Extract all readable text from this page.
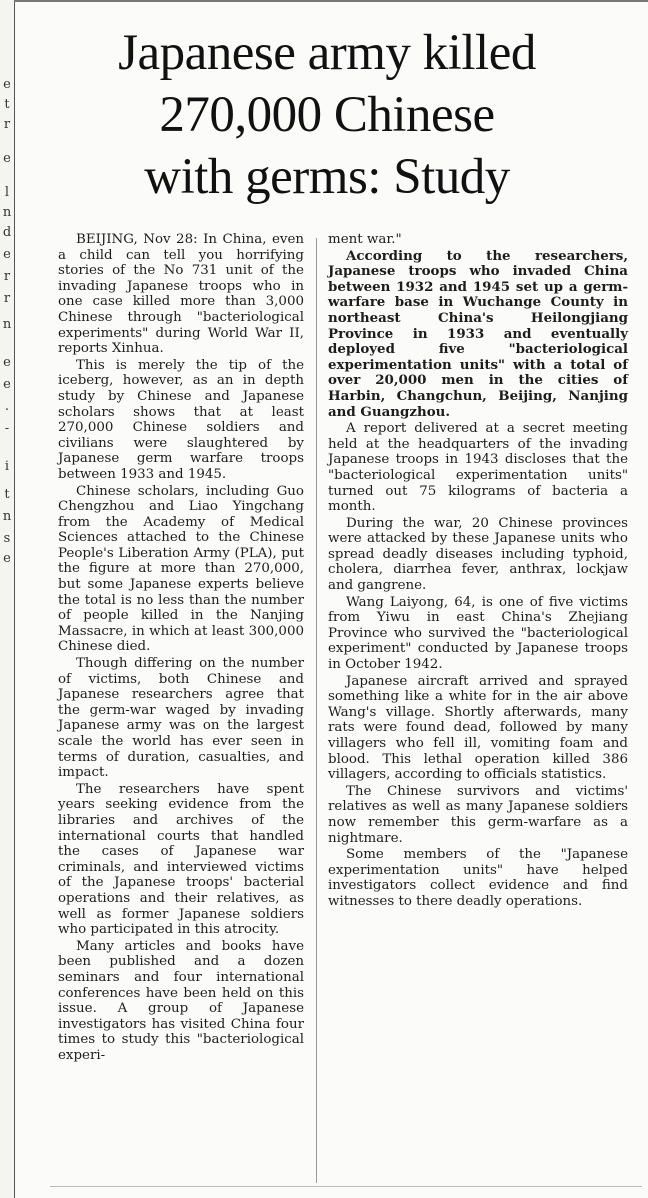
e
t
r
e
l
n
d
e
r
r
n
e
e
.
-
i
t
n
s
e
Japanese army killed
270,000 Chinese
with germs: Study

BEIJING, Nov 28: In China, even a child can tell you horrifying stories of the No 731 unit of the invading Japanese troops who in one case killed more than 3,000 Chinese through "bacteriological experiments" during World War II, reports Xinhua.

This is merely the tip of the iceberg, however, as an in depth study by Chinese and Japanese scholars shows that at least 270,000 Chinese soldiers and civilians were slaughtered by Japanese germ warfare troops between 1933 and 1945.

Chinese scholars, including Guo Chengzhou and Liao Yingchang from the Academy of Medical Sciences attached to the Chinese People's Liberation Army (PLA), put the figure at more than 270,000, but some Japanese experts believe the total is no less than the number of people killed in the Nanjing Massacre, in which at least 300,000 Chinese died.

Though differing on the number of victims, both Chinese and Japanese researchers agree that the germ-war waged by invading Japanese army was on the largest scale the world has ever seen in terms of duration, casualties, and impact.

The researchers have spent years seeking evidence from the libraries and archives of the international courts that handled the cases of Japanese war criminals, and interviewed victims of the Japanese troops' bacterial operations and their relatives, as well as former Japanese soldiers who participated in this atrocity.

Many articles and books have been published and a dozen seminars and four international conferences have been held on this issue. A group of Japanese investigators has visited China four times to study this "bacteriological experi-

ment war."

According to the researchers, Japanese troops who invaded China between 1932 and 1945 set up a germ-warfare base in Wuchange County in northeast China's Heilongjiang Province in 1933 and eventually deployed five "bacteriological experimentation units" with a total of over 20,000 men in the cities of Harbin, Changchun, Beijing, Nanjing and Guangzhou.

A report delivered at a secret meeting held at the headquarters of the invading Japanese troops in 1943 discloses that the "bacteriological experimentation units" turned out 75 kilograms of bacteria a month.

During the war, 20 Chinese provinces were attacked by these Japanese units who spread deadly diseases including typhoid, cholera, diarrhea fever, anthrax, lockjaw and gangrene.

Wang Laiyong, 64, is one of five victims from Yiwu in east China's Zhejiang Province who survived the "bacteriological experiment" conducted by Japanese troops in October 1942.

Japanese aircraft arrived and sprayed something like a white for in the air above Wang's village. Shortly afterwards, many rats were found dead, followed by many villagers who fell ill, vomiting foam and blood. This lethal operation killed 386 villagers, according to officials statistics.

The Chinese survivors and victims' relatives as well as many Japanese soldiers now remember this germ-warfare as a nightmare.

Some members of the "Japanese experimentation units" have helped investigators collect evidence and find witnesses to there deadly operations.
